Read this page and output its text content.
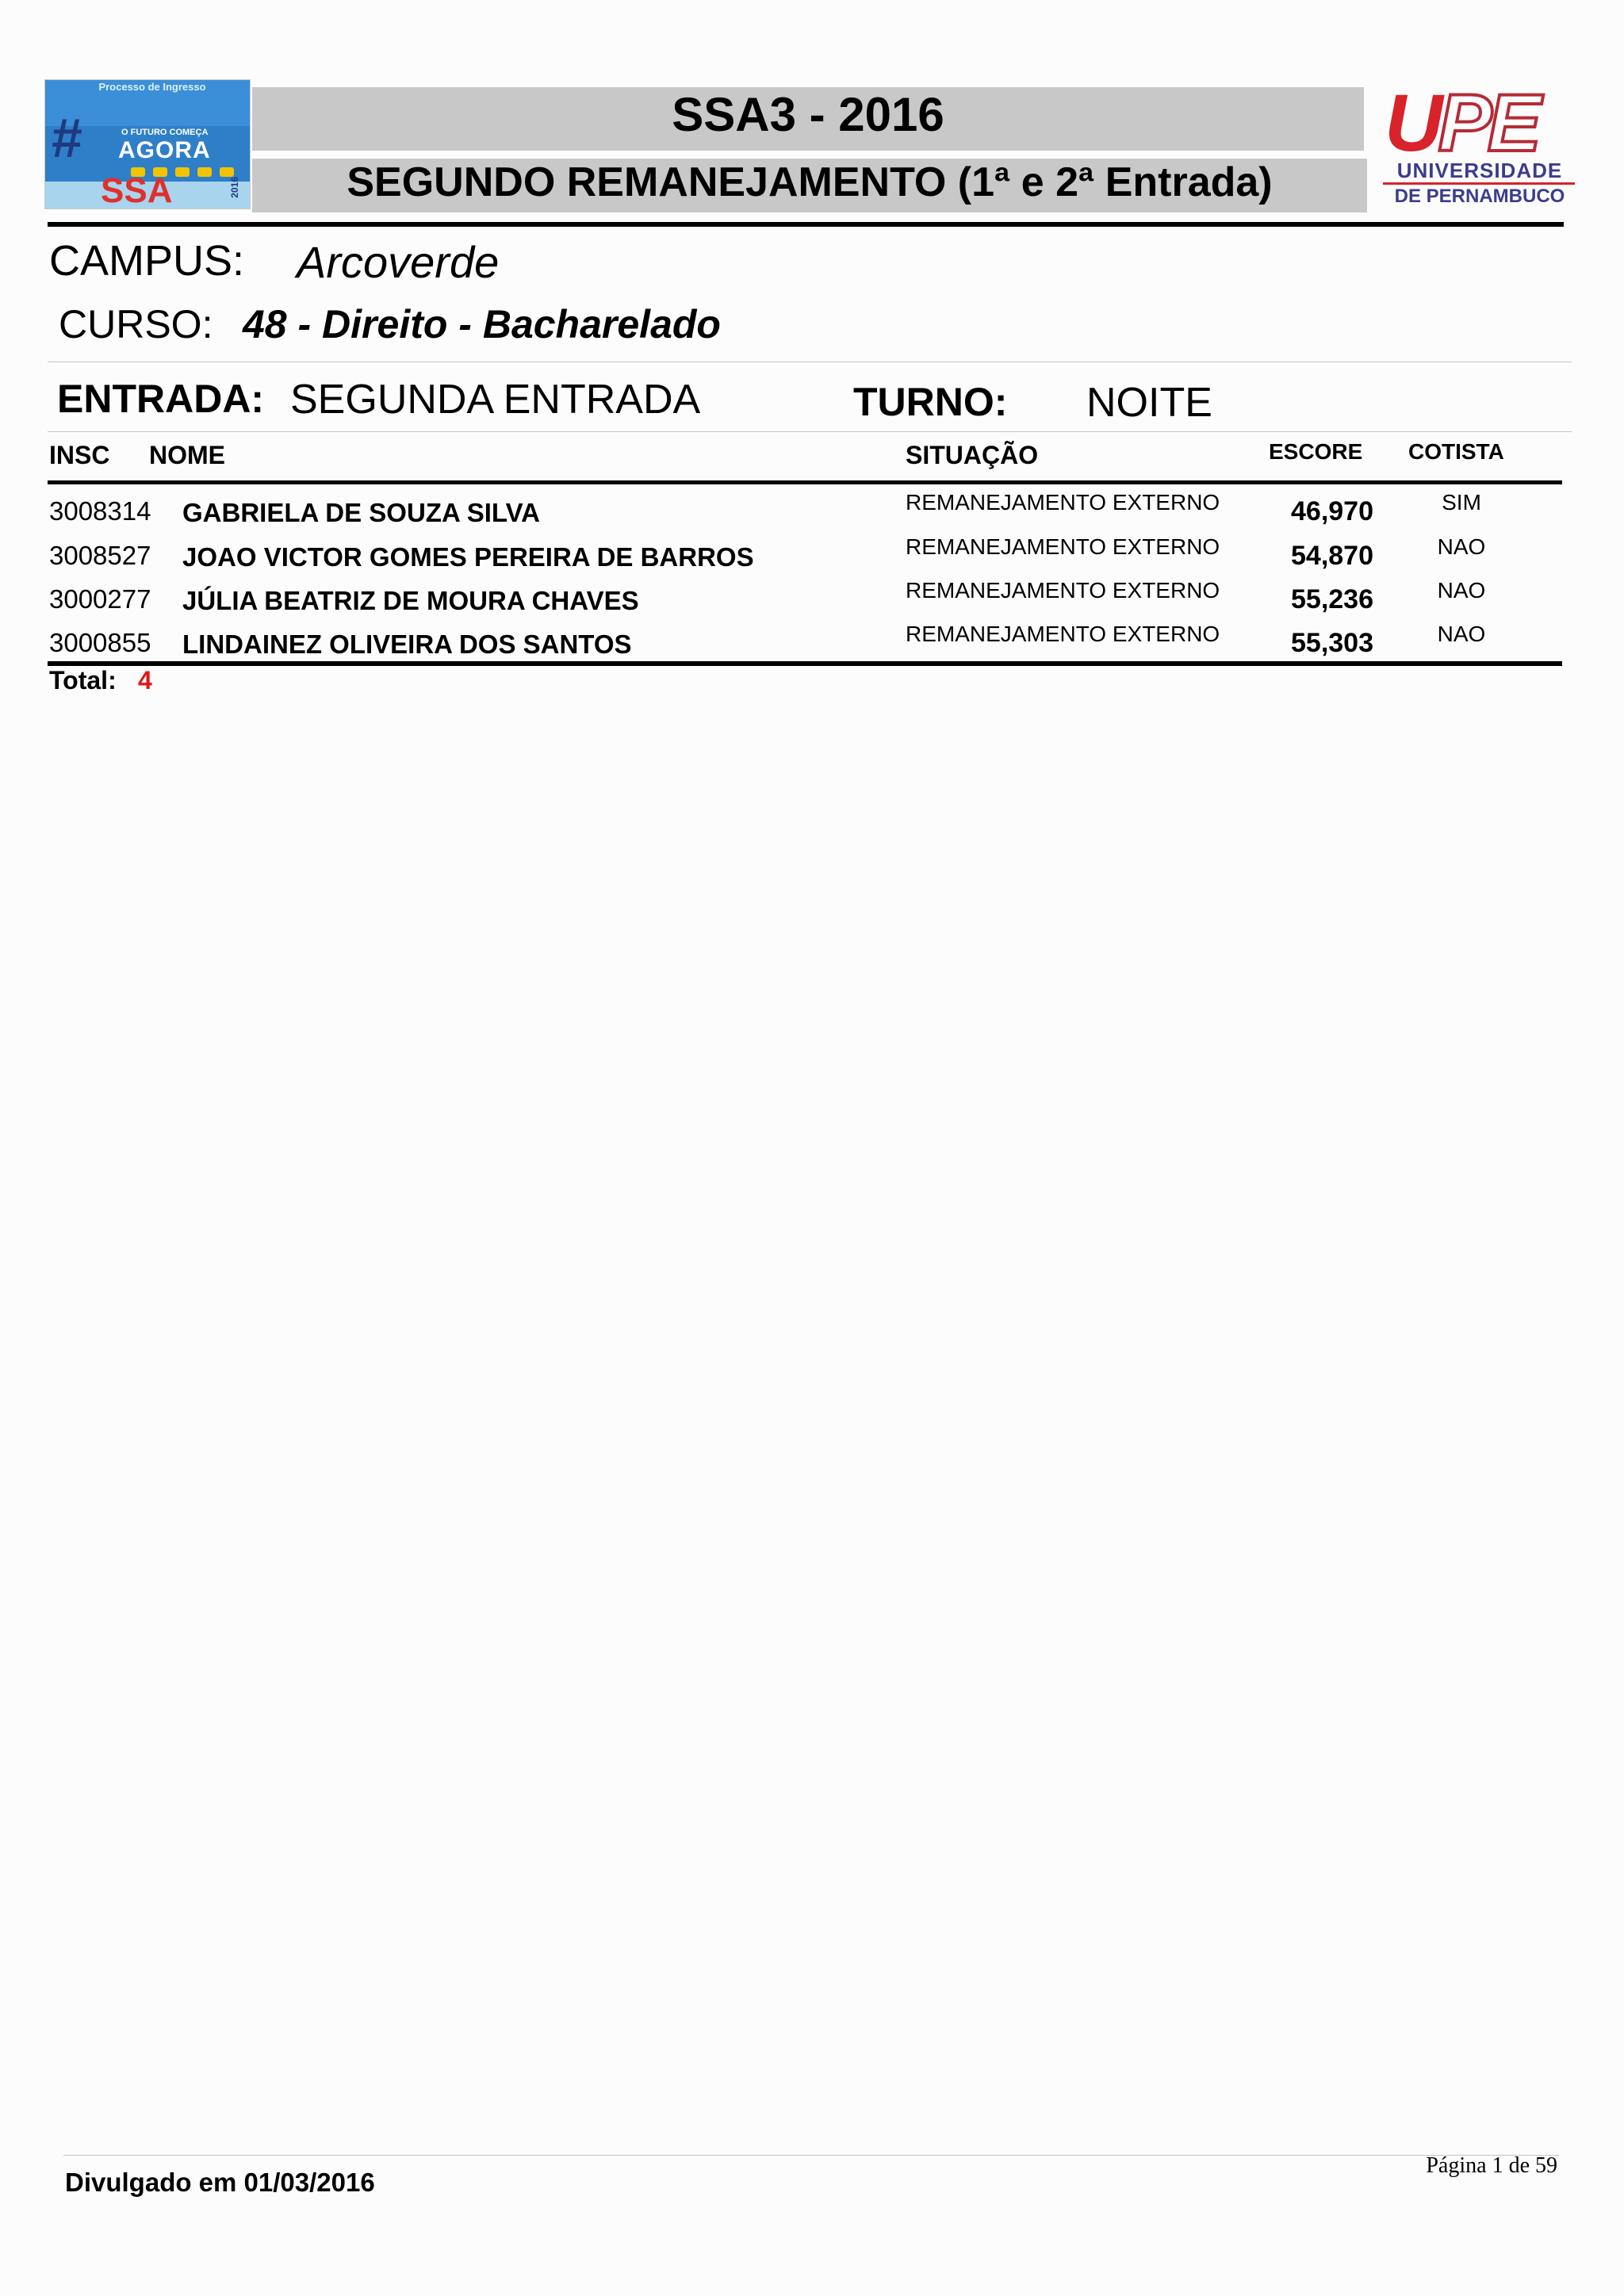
Processo de Ingresso
#	O FUTURO COMEÇA
AGORA
SSA	2016
SSA3 - 2016
SEGUNDO REMANEJAMENTO (1ª e 2ª Entrada)
UPE
UNIVERSIDADE
DE PERNAMBUCO
CAMPUS: Arcoverde
CURSO: 48 - Direito - Bacharelado
ENTRADA: SEGUNDA ENTRADA	TURNO: NOITE
INSC NOME	SITUAÇÃO	ESCORE COTISTA
3008314 GABRIELA DE SOUZA SILVA	REMANEJAMENTO EXTERNO	46,970	SIM
3008527 JOAO VICTOR GOMES PEREIRA DE BARROS	REMANEJAMENTO EXTERNO	54,870	NAO
3000277 JÚLIA BEATRIZ DE MOURA CHAVES	REMANEJAMENTO EXTERNO	55,236	NAO
3000855 LINDAINEZ OLIVEIRA DOS SANTOS	REMANEJAMENTO EXTERNO	55,303	NAO
Total: 4
Divulgado em 01/03/2016
Página 1 de 59
